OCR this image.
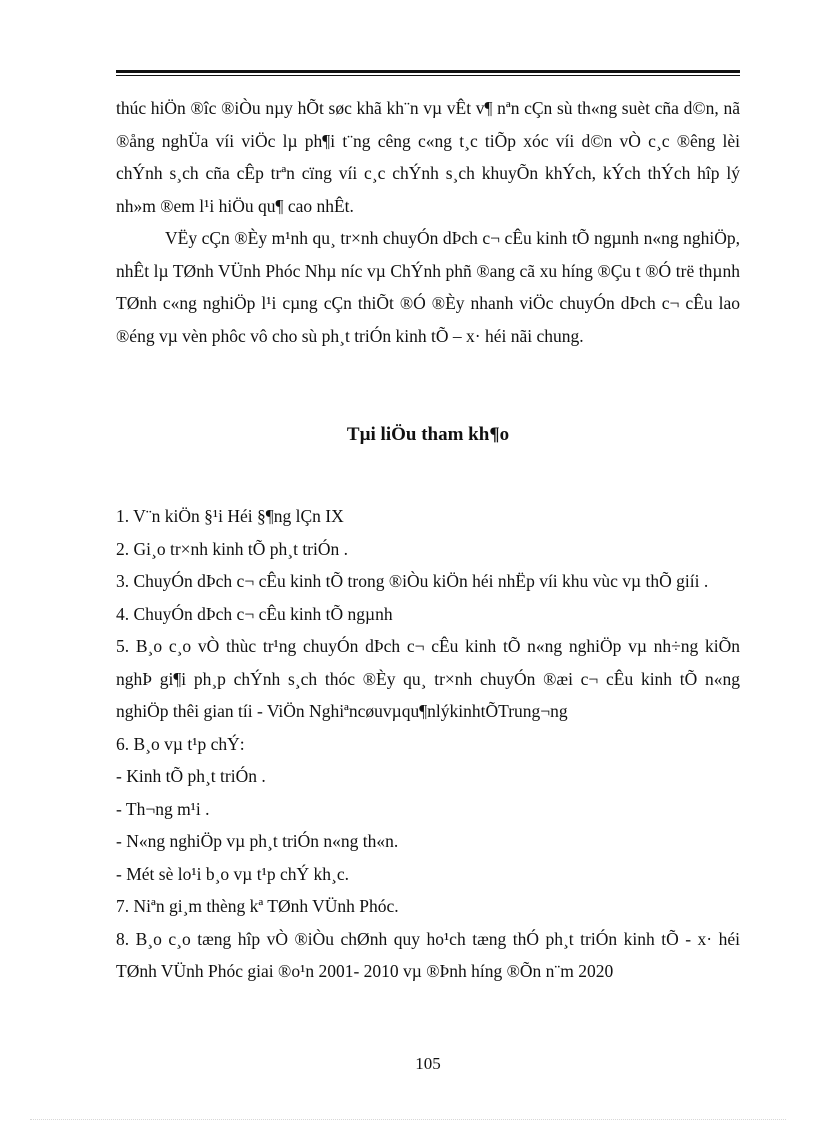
thúc hiÖn ®îc ®iÒu nµy hÕt søc khã kh¨n vµ vÊt v¶ nªn cÇn sù th«ng suèt cña d©n, nã ®ång nghÜa víi viÖc lµ ph¶i t¨ng cêng c«ng t¸c tiÕp xóc víi d©n vÒ c¸c ®êng lèi chÝnh s¸ch cña cÊp trªn cïng víi c¸c chÝnh s¸ch khuyÕn khÝch, kÝch thÝch hîp lý nh»m ®em l¹i hiÖu qu¶ cao nhÊt.

VËy cÇn ®Èy m¹nh qu¸ tr×nh chuyÓn dÞch c¬ cÊu kinh tÕ ngµnh n«ng nghiÖp, nhÊt lµ TØnh VÜnh Phóc Nhµ níc vµ ChÝnh phñ ®ang cã xu híng ®Çu t ®Ó trë thµnh TØnh c«ng nghiÖp l¹i cµng cÇn thiÕt ®Ó ®Èy nhanh viÖc chuyÓn dÞch c¬ cÊu lao ®éng vµ vèn phôc vô cho sù ph¸t triÓn kinh tÕ – x· héi nãi chung.

Tµi liÖu tham kh¶o

1. V¨n kiÖn §¹i Héi §¶ng lÇn IX

2. Gi¸o tr×nh kinh tÕ ph¸t triÓn .

3. ChuyÓn dÞch c¬ cÊu kinh tÕ trong ®iÒu kiÖn héi nhËp víi khu vùc vµ thÕ giíi .

4. ChuyÓn dÞch c¬ cÊu kinh tÕ ngµnh

5. B¸o c¸o vÒ thùc tr¹ng chuyÓn dÞch c¬ cÊu kinh tÕ n«ng nghiÖp vµ nh÷ng kiÕn nghÞ gi¶i ph¸p chÝnh s¸ch thóc ®Èy qu¸ tr×nh chuyÓn ®æi c¬ cÊu kinh tÕ n«ng nghiÖp thêi gian tíi - ViÖn Nghiªncøuvµqu¶nlýkinhtÕTrung¬ng

6. B¸o vµ t¹p chÝ:

- Kinh tÕ ph¸t triÓn .

- Th¬ng m¹i .

- N«ng nghiÖp vµ ph¸t triÓn n«ng th«n.

- Mét sè lo¹i b¸o vµ t¹p chÝ kh¸c.

7. Niªn gi¸m thèng kª TØnh VÜnh Phóc.

8. B¸o c¸o tæng hîp vÒ ®iÒu chØnh quy ho¹ch tæng thÓ ph¸t triÓn kinh tÕ - x· héi TØnh VÜnh Phóc giai ®o¹n 2001- 2010 vµ ®Þnh híng ®Õn n¨m 2020

105
